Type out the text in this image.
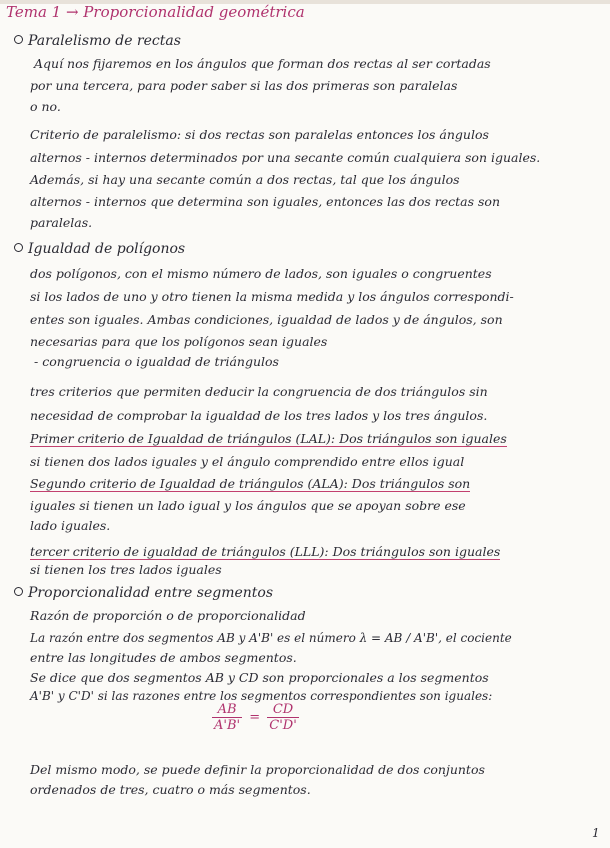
Tema 1 → Proporcionalidad geométrica
Paralelismo de rectas
Aquí nos fijaremos en los ángulos que forman dos rectas al ser cortadas
por una tercera, para poder saber si las dos primeras son paralelas
o no.
Criterio de paralelismo: si dos rectas son paralelas entonces los ángulos
alternos - internos determinados por una secante común cualquiera son iguales.
Además, si hay una secante común a dos rectas, tal que los ángulos
alternos - internos que determina son iguales, entonces las dos rectas son
paralelas.
Igualdad de polígonos
dos polígonos, con el mismo número de lados, son iguales o congruentes
si los lados de uno y otro tienen la misma medida y los ángulos correspondi-
entes son iguales. Ambas condiciones, igualdad de lados y de ángulos, son
necesarias para que los polígonos sean iguales
- congruencia o igualdad de triángulos
tres criterios que permiten deducir la congruencia de dos triángulos sin
necesidad de comprobar la igualdad de los tres lados y los tres ángulos.
Primer criterio de Igualdad de triángulos (LAL): Dos triángulos son iguales
si tienen dos lados iguales y el ángulo comprendido entre ellos igual
Segundo criterio de Igualdad de triángulos (ALA): Dos triángulos son
iguales si tienen un lado igual y los ángulos que se apoyan sobre ese
lado iguales.
tercer criterio de igualdad de triángulos (LLL): Dos triángulos son iguales
si tienen los tres lados iguales
Proporcionalidad entre segmentos
Razón de proporción o de proporcionalidad
La razón entre dos segmentos AB y A'B' es el número λ = AB / A'B', el cociente
entre las longitudes de ambos segmentos.
Se dice que dos segmentos AB y CD son proporcionales a los segmentos
A'B' y C'D' si las razones entre los segmentos correspondientes son iguales:
$\frac{AB}{A'B'} = \frac{CD}{C'D'}$
Del mismo modo, se puede definir la proporcionalidad de dos conjuntos
ordenados de tres, cuatro o más segmentos.
1
